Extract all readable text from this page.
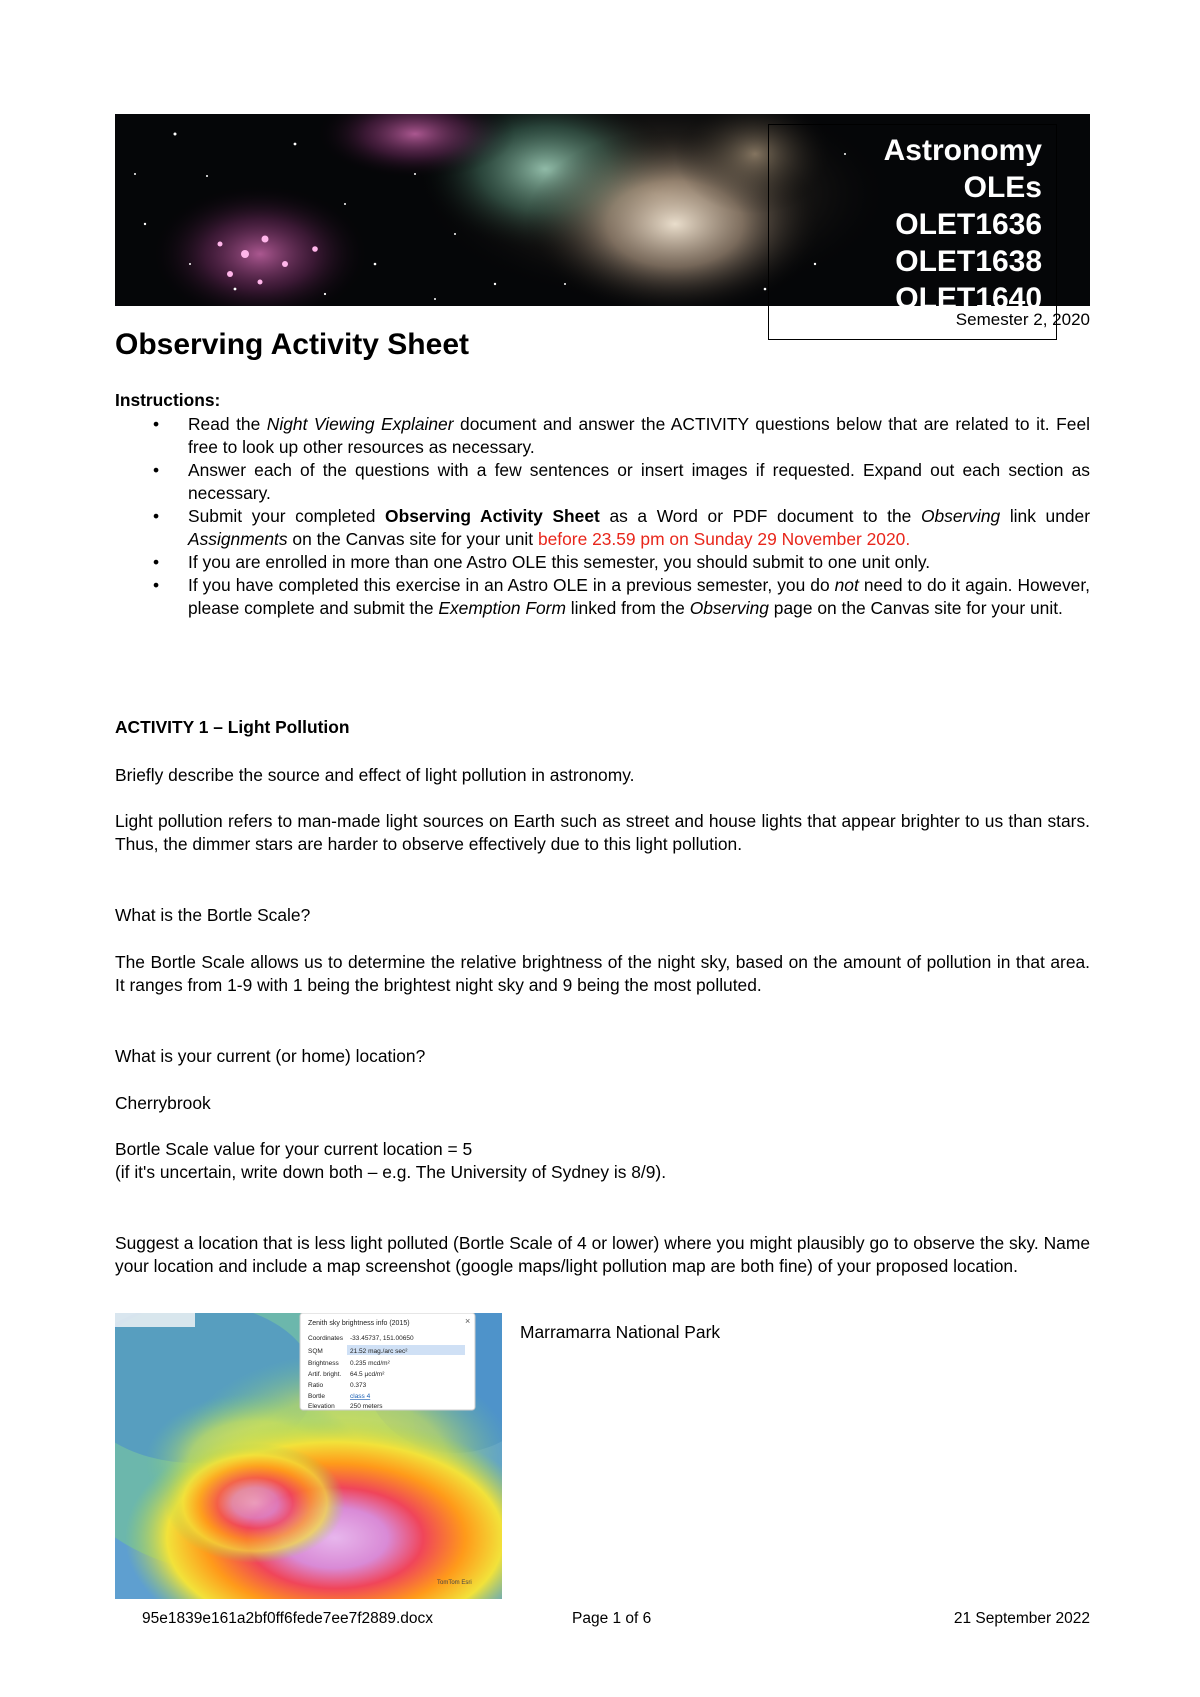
Astronomy
OLEs
OLET1636
OLET1638
OLET1640
Semester 2, 2020
Observing Activity Sheet
Instructions:
• Read the Night Viewing Explainer document and answer the ACTIVITY questions below that are related to it. Feel free to look up other resources as necessary.
• Answer each of the questions with a few sentences or insert images if requested. Expand out each section as necessary.
• Submit your completed Observing Activity Sheet as a Word or PDF document to the Observing link under Assignments on the Canvas site for your unit before 23.59 pm on Sunday 29 November 2020.
• If you are enrolled in more than one Astro OLE this semester, you should submit to one unit only.
• If you have completed this exercise in an Astro OLE in a previous semester, you do not need to do it again. However, please complete and submit the Exemption Form linked from the Observing page on the Canvas site for your unit.
ACTIVITY 1 – Light Pollution
Briefly describe the source and effect of light pollution in astronomy.
Light pollution refers to man-made light sources on Earth such as street and house lights that appear brighter to us than stars. Thus, the dimmer stars are harder to observe effectively due to this light pollution.
What is the Bortle Scale?
The Bortle Scale allows us to determine the relative brightness of the night sky, based on the amount of pollution in that area. It ranges from 1-9 with 1 being the brightest night sky and 9 being the most polluted.
What is your current (or home) location?
Cherrybrook
Bortle Scale value for your current location = 5
(if it's uncertain, write down both – e.g. The University of Sydney is 8/9).
Suggest a location that is less light polluted (Bortle Scale of 4 or lower) where you might plausibly go to observe the sky. Name your location and include a map screenshot (google maps/light pollution map are both fine) of your proposed location.
Zenith sky brightness info (2015)	×
Coordinates -33.45737, 151.00650
SQM	21.52 mag./arc sec²
Brightness 0.235 mcd/m²
Artif. bright. 64.5 μcd/m²
Ratio	0.373
Bortle	class 4
Elevation 250 meters
TomTom Esri
Marramarra National Park
95e1839e161a2bf0ff6fede7ee7f2889.docx	Page 1 of 6	21 September 2022
